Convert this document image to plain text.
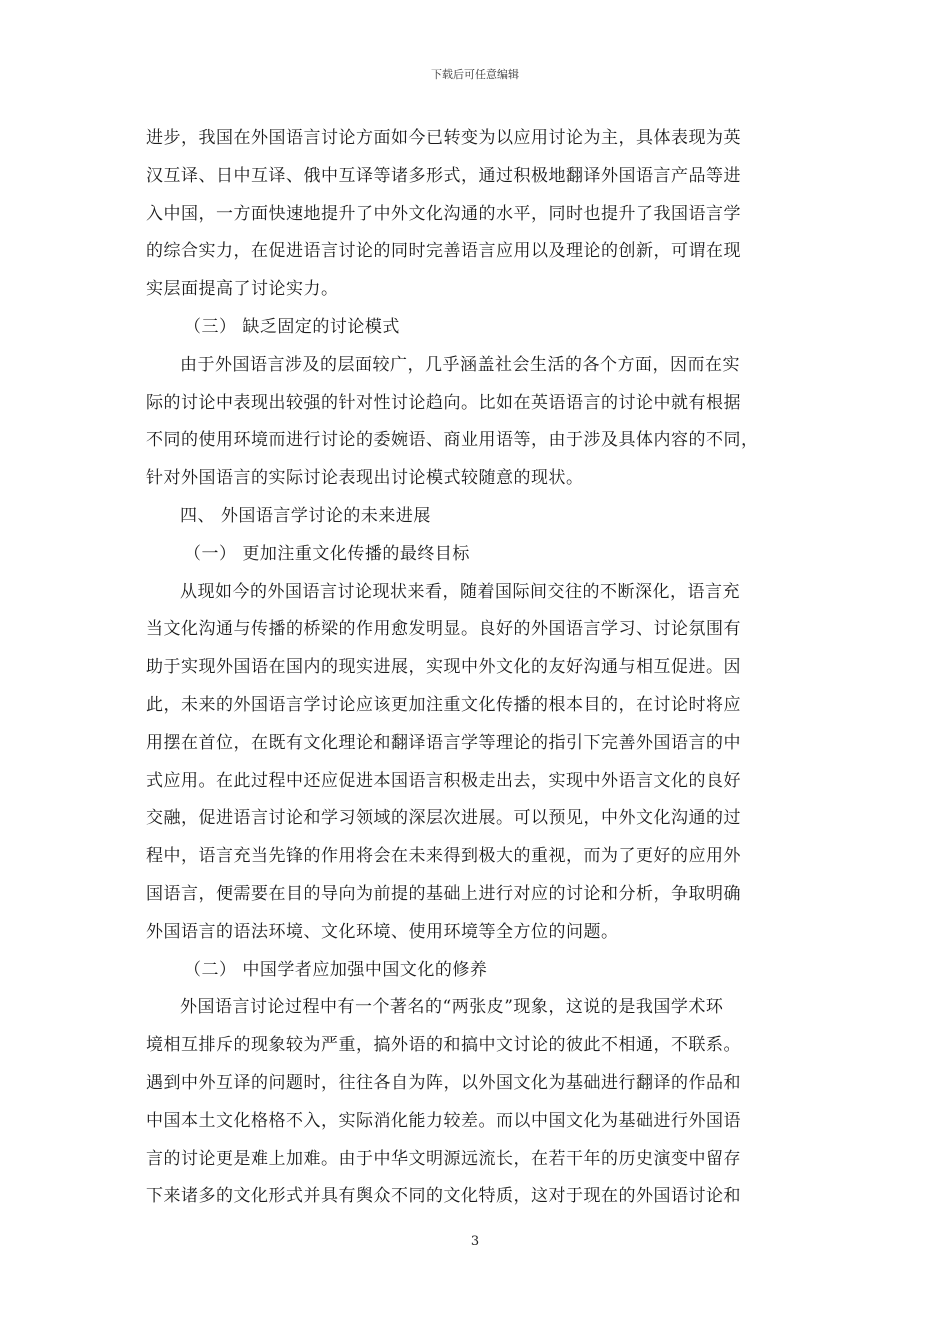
下载后可任意编辑
进步，我国在外国语言讨论方面如今已转变为以应用讨论为主，具体表现为英
汉互译、日中互译、俄中互译等诸多形式，通过积极地翻译外国语言产品等进
入中国，一方面快速地提升了中外文化沟通的水平，同时也提升了我国语言学
的综合实力，在促进语言讨论的同时完善语言应用以及理论的创新，可谓在现
实层面提高了讨论实力。
（三） 缺乏固定的讨论模式
由于外国语言涉及的层面较广，几乎涵盖社会生活的各个方面，因而在实
际的讨论中表现出较强的针对性讨论趋向。比如在英语语言的讨论中就有根据
不同的使用环境而进行讨论的委婉语、商业用语等，由于涉及具体内容的不同，
针对外国语言的实际讨论表现出讨论模式较随意的现状。
四、 外国语言学讨论的未来进展
（一） 更加注重文化传播的最终目标
从现如今的外国语言讨论现状来看，随着国际间交往的不断深化，语言充
当文化沟通与传播的桥梁的作用愈发明显。良好的外国语言学习、讨论氛围有
助于实现外国语在国内的现实进展，实现中外文化的友好沟通与相互促进。因
此，未来的外国语言学讨论应该更加注重文化传播的根本目的，在讨论时将应
用摆在首位，在既有文化理论和翻译语言学等理论的指引下完善外国语言的中
式应用。在此过程中还应促进本国语言积极走出去，实现中外语言文化的良好
交融，促进语言讨论和学习领域的深层次进展。可以预见，中外文化沟通的过
程中，语言充当先锋的作用将会在未来得到极大的重视，而为了更好的应用外
国语言，便需要在目的导向为前提的基础上进行对应的讨论和分析，争取明确
外国语言的语法环境、文化环境、使用环境等全方位的问题。
（二） 中国学者应加强中国文化的修养
外国语言讨论过程中有一个著名的“两张皮”现象，这说的是我国学术环
境相互排斥的现象较为严重，搞外语的和搞中文讨论的彼此不相通，不联系。
遇到中外互译的问题时，往往各自为阵，以外国文化为基础进行翻译的作品和
中国本土文化格格不入，实际消化能力较差。而以中国文化为基础进行外国语
言的讨论更是难上加难。由于中华文明源远流长，在若干年的历史演变中留存
下来诸多的文化形式并具有舆众不同的文化特质，这对于现在的外国语讨论和
3
